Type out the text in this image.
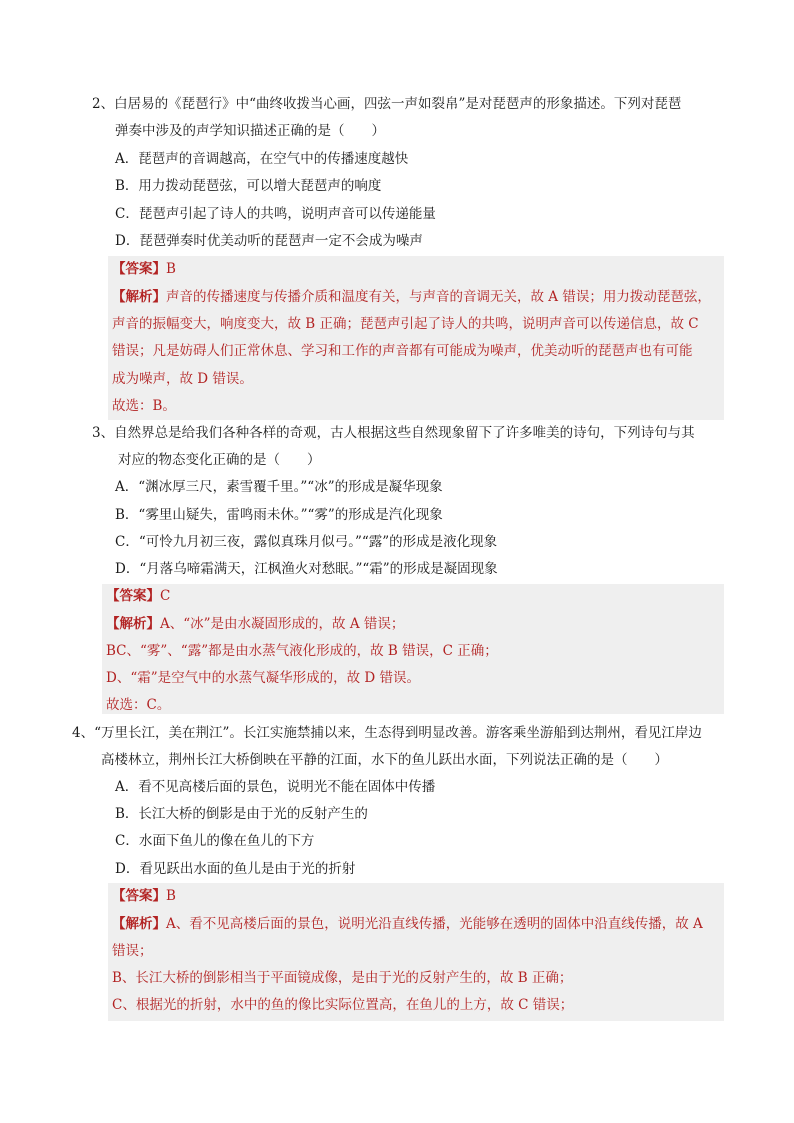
2、白居易的《琵琶行》中“曲终收拨当心画，四弦一声如裂帛”是对琵琶声的形象描述。下列对琵琶
弹奏中涉及的声学知识描述正确的是（　　）
A．琵琶声的音调越高，在空气中的传播速度越快
B．用力拨动琵琶弦，可以增大琵琶声的响度
C．琵琶声引起了诗人的共鸣，说明声音可以传递能量
D．琵琶弹奏时优美动听的琵琶声一定不会成为噪声
【答案】B
【解析】声音的传播速度与传播介质和温度有关，与声音的音调无关，故 A 错误；用力拨动琵琶弦，
声音的振幅变大，响度变大，故 B 正确；琵琶声引起了诗人的共鸣，说明声音可以传递信息，故 C
错误；凡是妨碍人们正常休息、学习和工作的声音都有可能成为噪声，优美动听的琵琶声也有可能
成为噪声，故 D 错误。
故选：B。
3、自然界总是给我们各种各样的奇观，古人根据这些自然现象留下了许多唯美的诗句，下列诗句与其
对应的物态变化正确的是（　　）
A．“渊冰厚三尺，素雪覆千里。”“冰”的形成是凝华现象
B．“雾里山疑失，雷鸣雨未休。”“雾”的形成是汽化现象
C．“可怜九月初三夜，露似真珠月似弓。”“露”的形成是液化现象
D．“月落乌啼霜满天，江枫渔火对愁眠。”“霜”的形成是凝固现象
【答案】C
【解析】A、“冰”是由水凝固形成的，故 A 错误；
BC、“雾”、“露”都是由水蒸气液化形成的，故 B 错误，C 正确；
D、“霜”是空气中的水蒸气凝华形成的，故 D 错误。
故选：C。
4、“万里长江，美在荆江”。长江实施禁捕以来，生态得到明显改善。游客乘坐游船到达荆州，看见江岸边
高楼林立，荆州长江大桥倒映在平静的江面，水下的鱼儿跃出水面，下列说法正确的是（　　）
A．看不见高楼后面的景色，说明光不能在固体中传播
B．长江大桥的倒影是由于光的反射产生的
C．水面下鱼儿的像在鱼儿的下方
D．看见跃出水面的鱼儿是由于光的折射
【答案】B
【解析】A、看不见高楼后面的景色，说明光沿直线传播，光能够在透明的固体中沿直线传播，故 A
错误；
B、长江大桥的倒影相当于平面镜成像，是由于光的反射产生的，故 B 正确；
C、根据光的折射，水中的鱼的像比实际位置高，在鱼儿的上方，故 C 错误；
